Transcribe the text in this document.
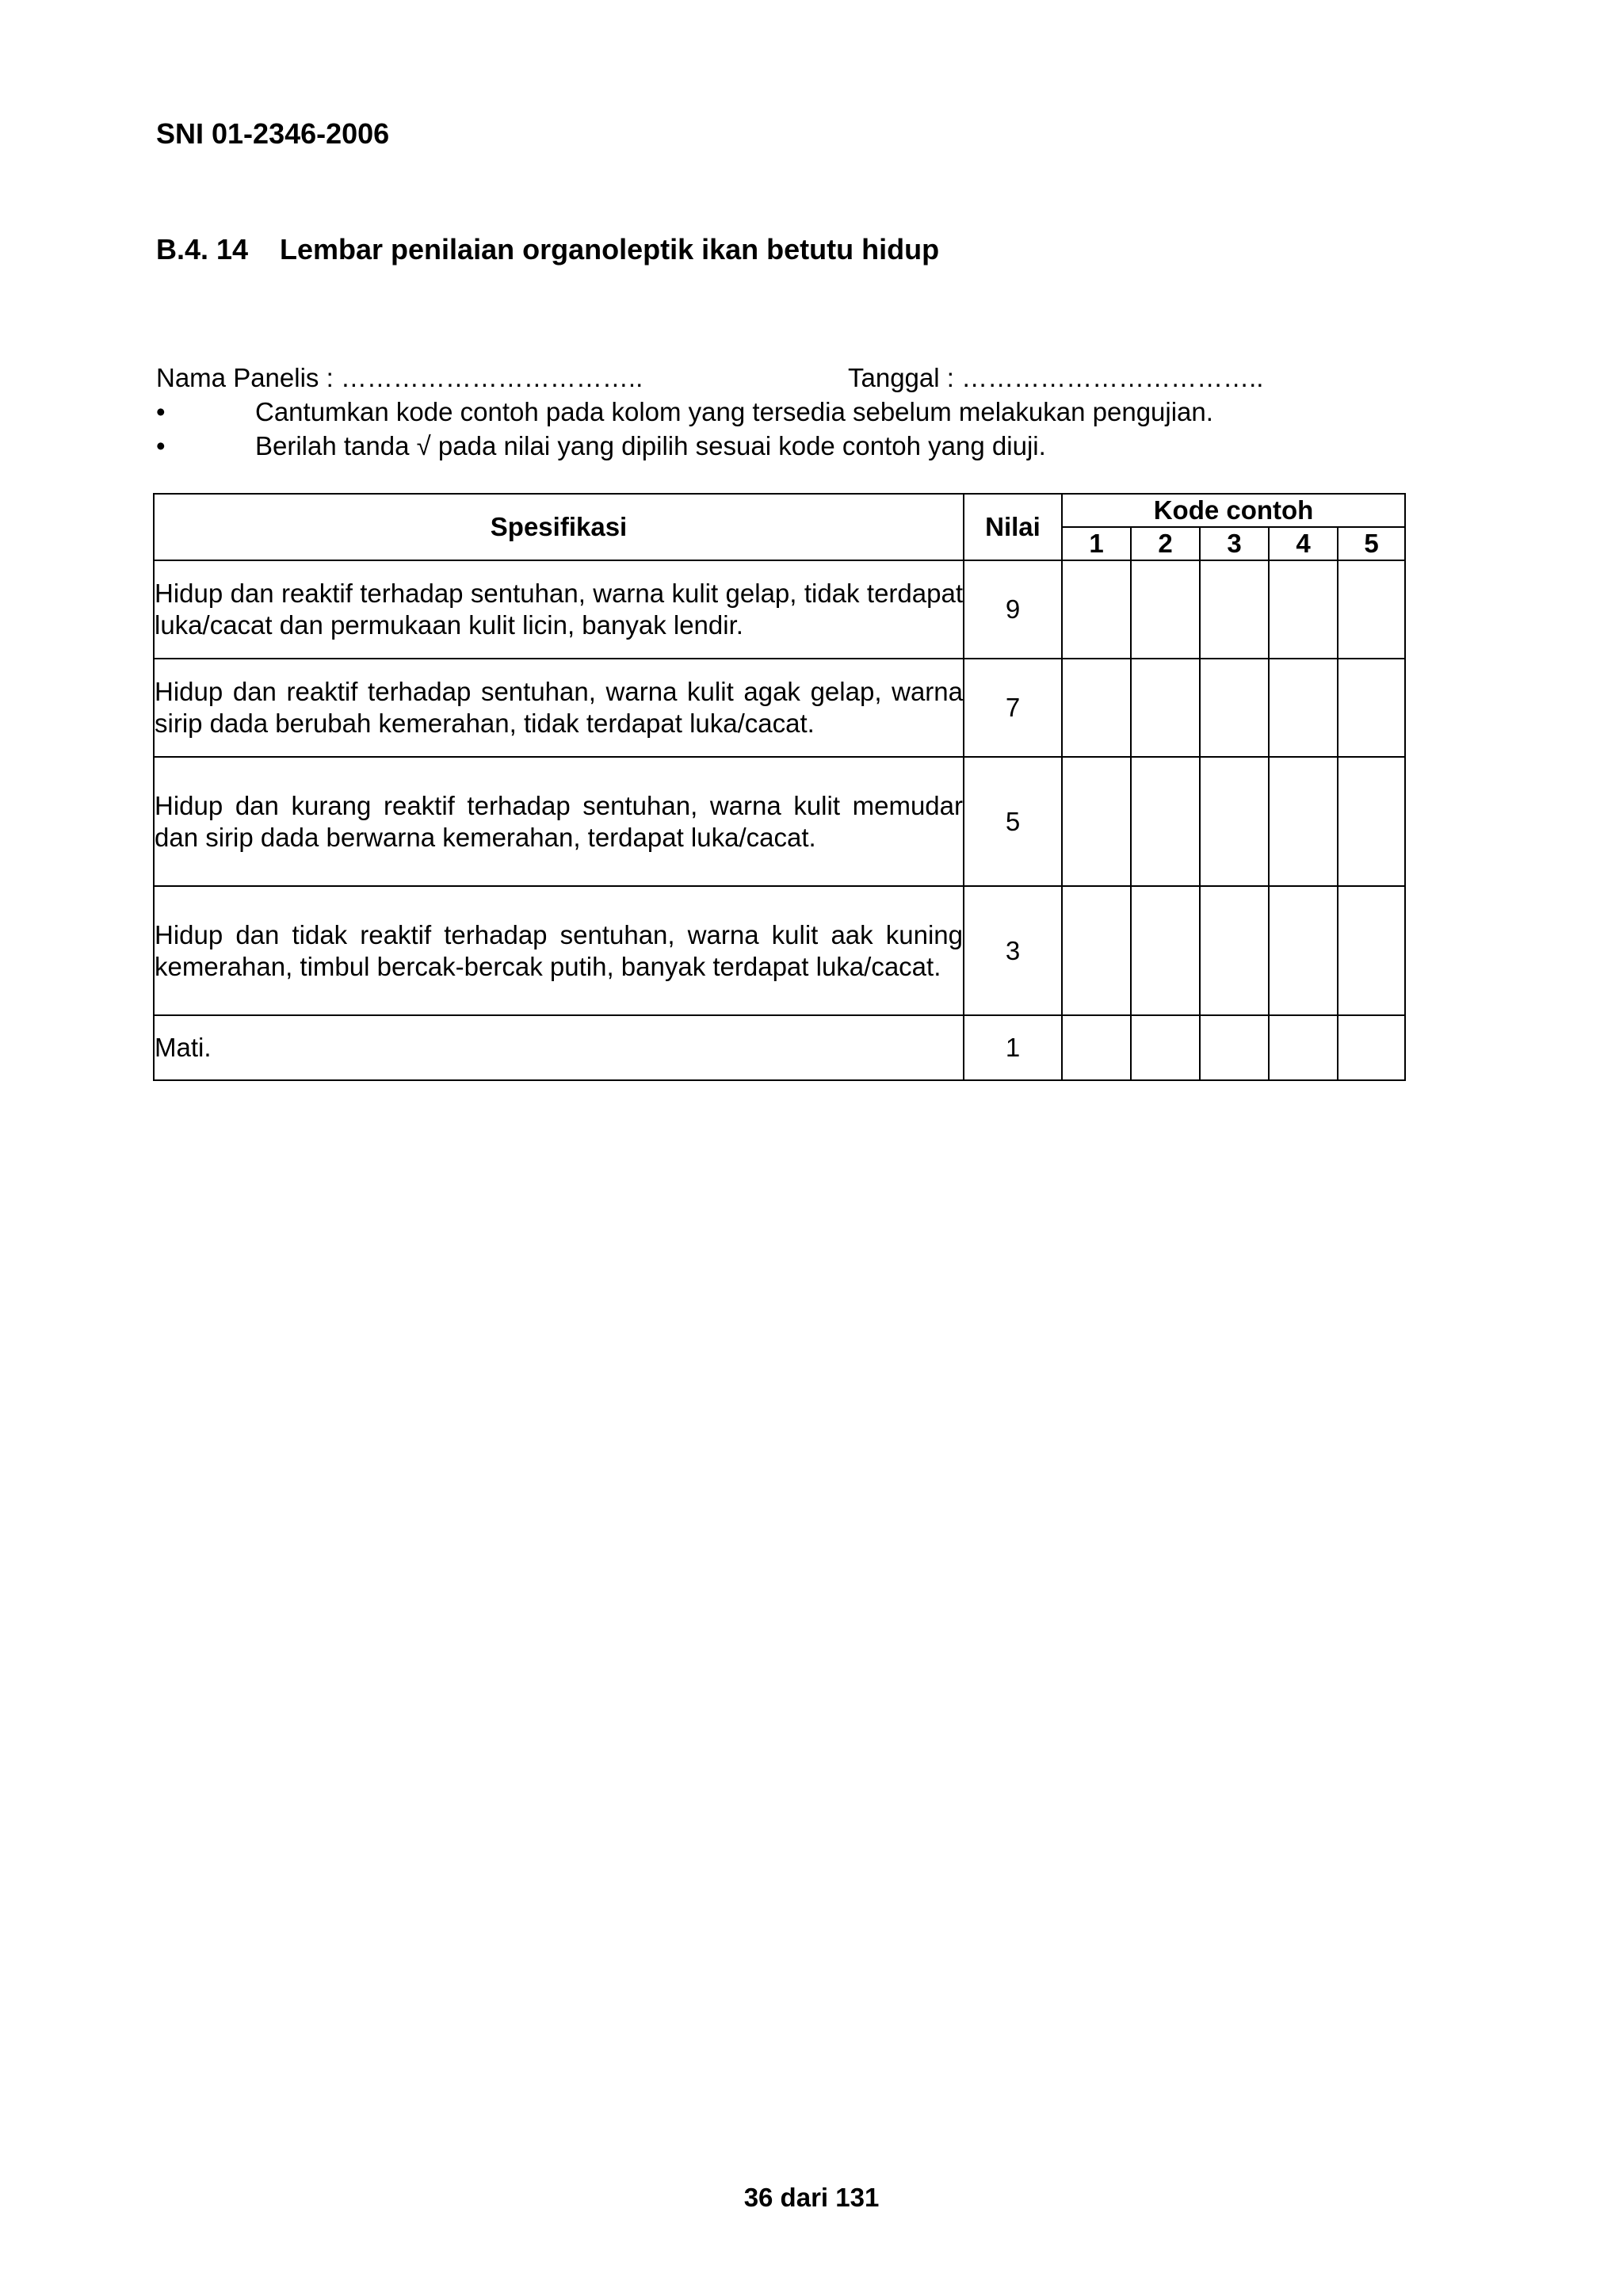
SNI 01-2346-2006
B.4. 14 Lembar penilaian organoleptik ikan betutu hidup
Nama Panelis : ……………………………..	Tanggal : ……………………………..
•	Cantumkan kode contoh pada kolom yang tersedia sebelum melakukan pengujian.
•	Berilah tanda √ pada nilai yang dipilih sesuai kode contoh yang diuji.
Spesifikasi	Nilai	Kode contoh				
		1	2	3	4	5
Hidup dan reaktif terhadap sentuhan, warna kulit gelap, tidak terdapat luka/cacat dan permukaan kulit licin, banyak lendir.	9					
Hidup dan reaktif terhadap sentuhan, warna kulit agak gelap, warna sirip dada berubah kemerahan, tidak terdapat luka/cacat.	7					
Hidup dan kurang reaktif terhadap sentuhan, warna kulit memudar dan sirip dada berwarna kemerahan, terdapat luka/cacat.	5					
Hidup dan tidak reaktif terhadap sentuhan, warna kulit aak kuning kemerahan, timbul bercak-bercak putih, banyak terdapat luka/cacat.	3					
Mati.	1					
36 dari 131
